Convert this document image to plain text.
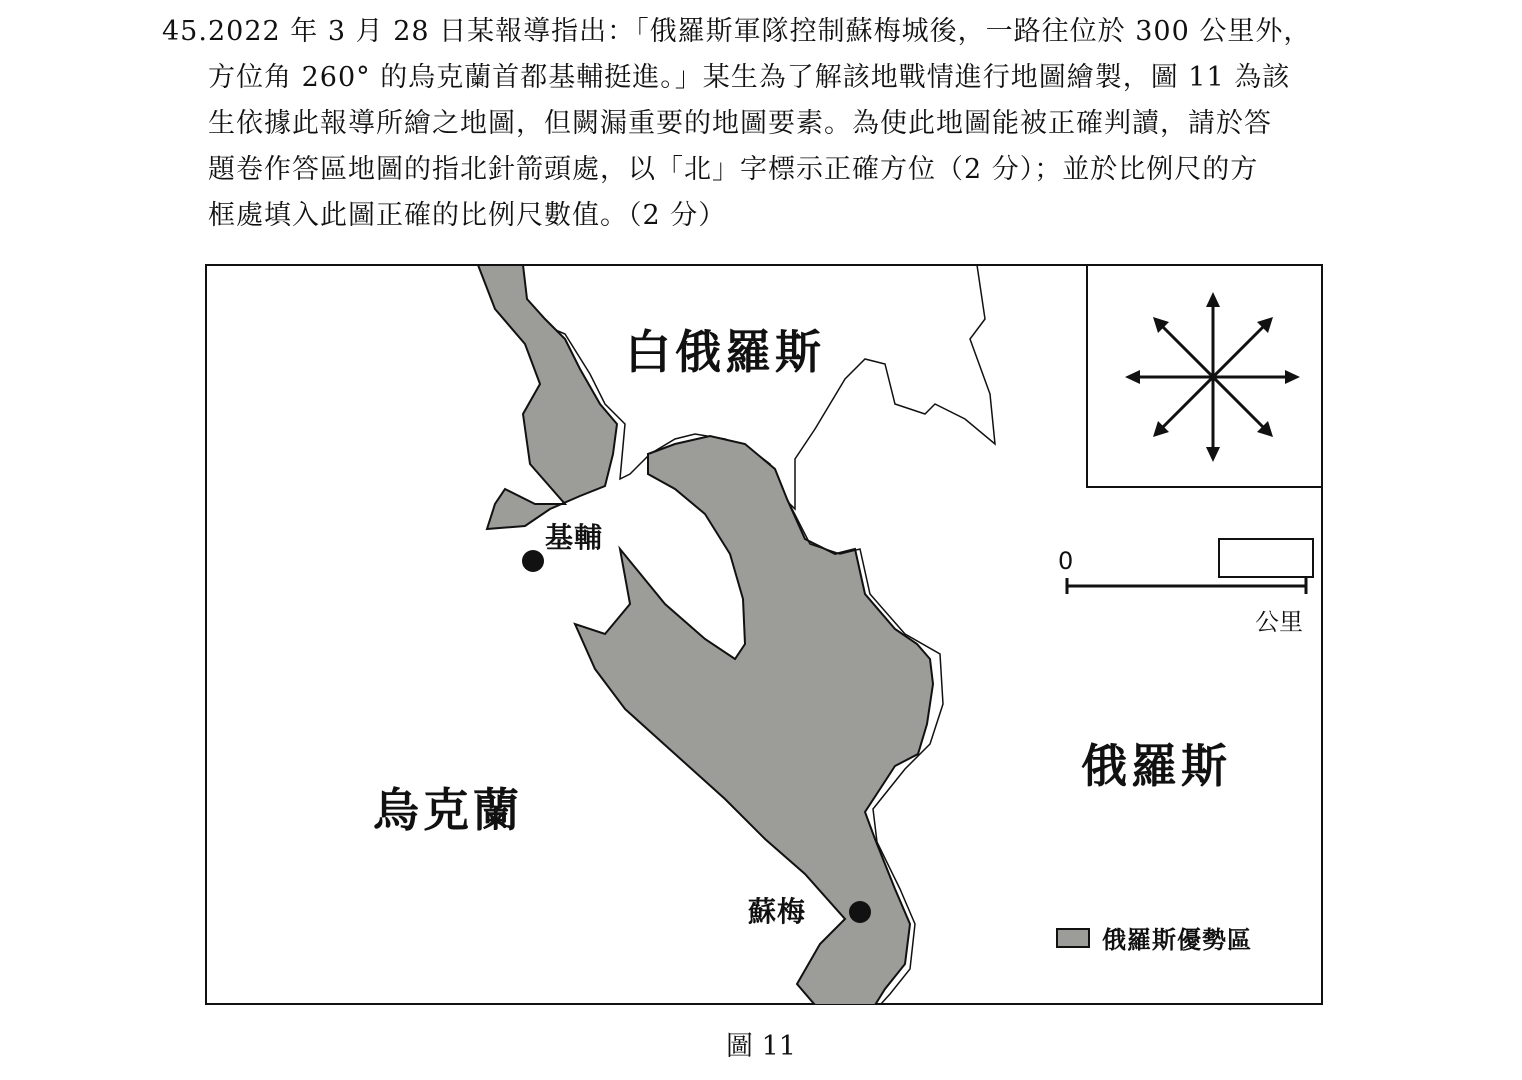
45. 2022 年 3 月 28 日某報導指出：「俄羅斯軍隊控制蘇梅城後，一路往位於 300 公里外，
方位角 260° 的烏克蘭首都基輔挺進。」某生為了解該地戰情進行地圖繪製，圖 11 為該
生依據此報導所繪之地圖，但闕漏重要的地圖要素。為使此地圖能被正確判讀，請於答
題卷作答區地圖的指北針箭頭處，以「北」字標示正確方位（2 分）；並於比例尺的方
框處填入此圖正確的比例尺數值。（2 分）
白俄羅斯
俄羅斯
烏克蘭
基輔
蘇梅
0
公里
俄羅斯優勢區
圖 11
